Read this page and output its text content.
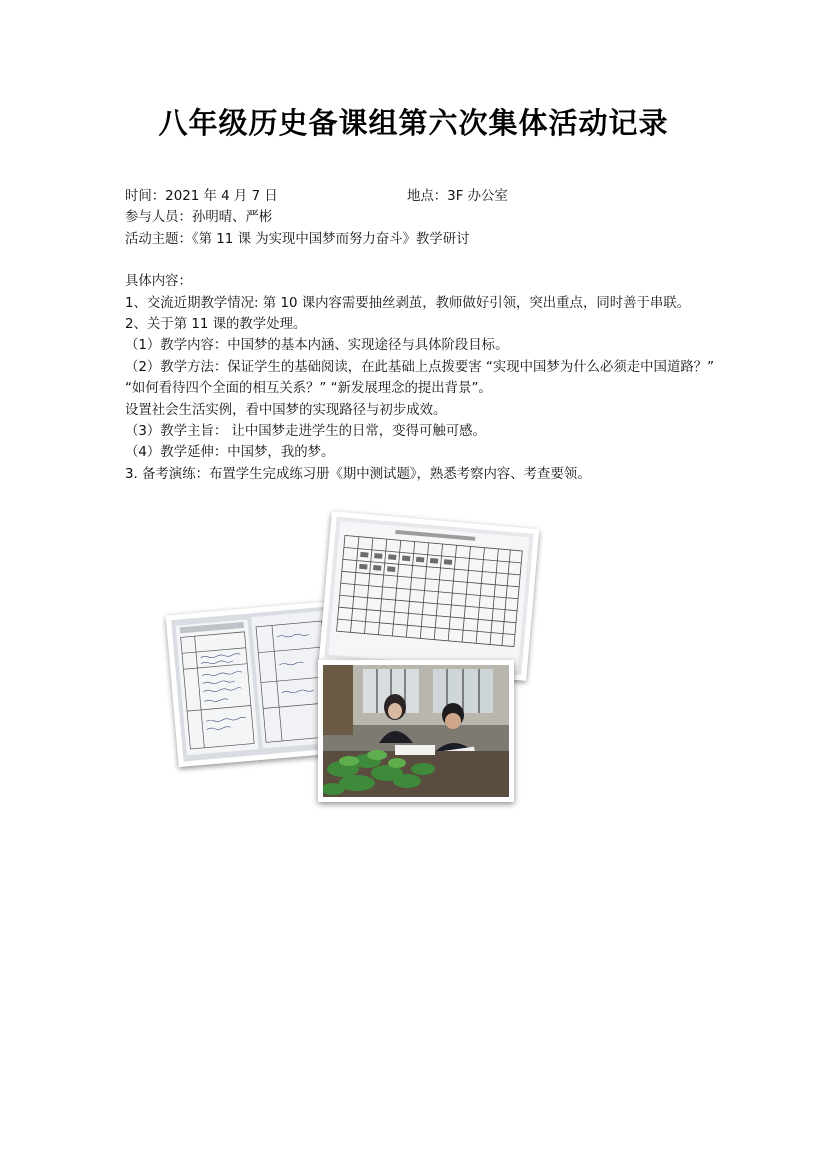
八年级历史备课组第六次集体活动记录
时间：2021 年 4 月 7 日	地点：3F 办公室
参与人员：孙明晴、严彬
活动主题：《第 11 课 为实现中国梦而努力奋斗》教学研讨
具体内容：
1、交流近期教学情况: 第 10 课内容需要抽丝剥茧，教师做好引领，突出重点，同时善于串联。
2、关于第 11 课的教学处理。
（1）教学内容：中国梦的基本内涵、实现途径与具体阶段目标。
（2）教学方法：保证学生的基础阅读，在此基础上点拨要害 “实现中国梦为什么必须走中国道路？” “如何看待四个全面的相互关系？” “新发展理念的提出背景”。
设置社会生活实例，看中国梦的实现路径与初步成效。
（3）教学主旨： 让中国梦走进学生的日常，变得可触可感。
（4）教学延伸：中国梦，我的梦。
3. 备考演练：布置学生完成练习册《期中测试题》，熟悉考察内容、考查要领。
